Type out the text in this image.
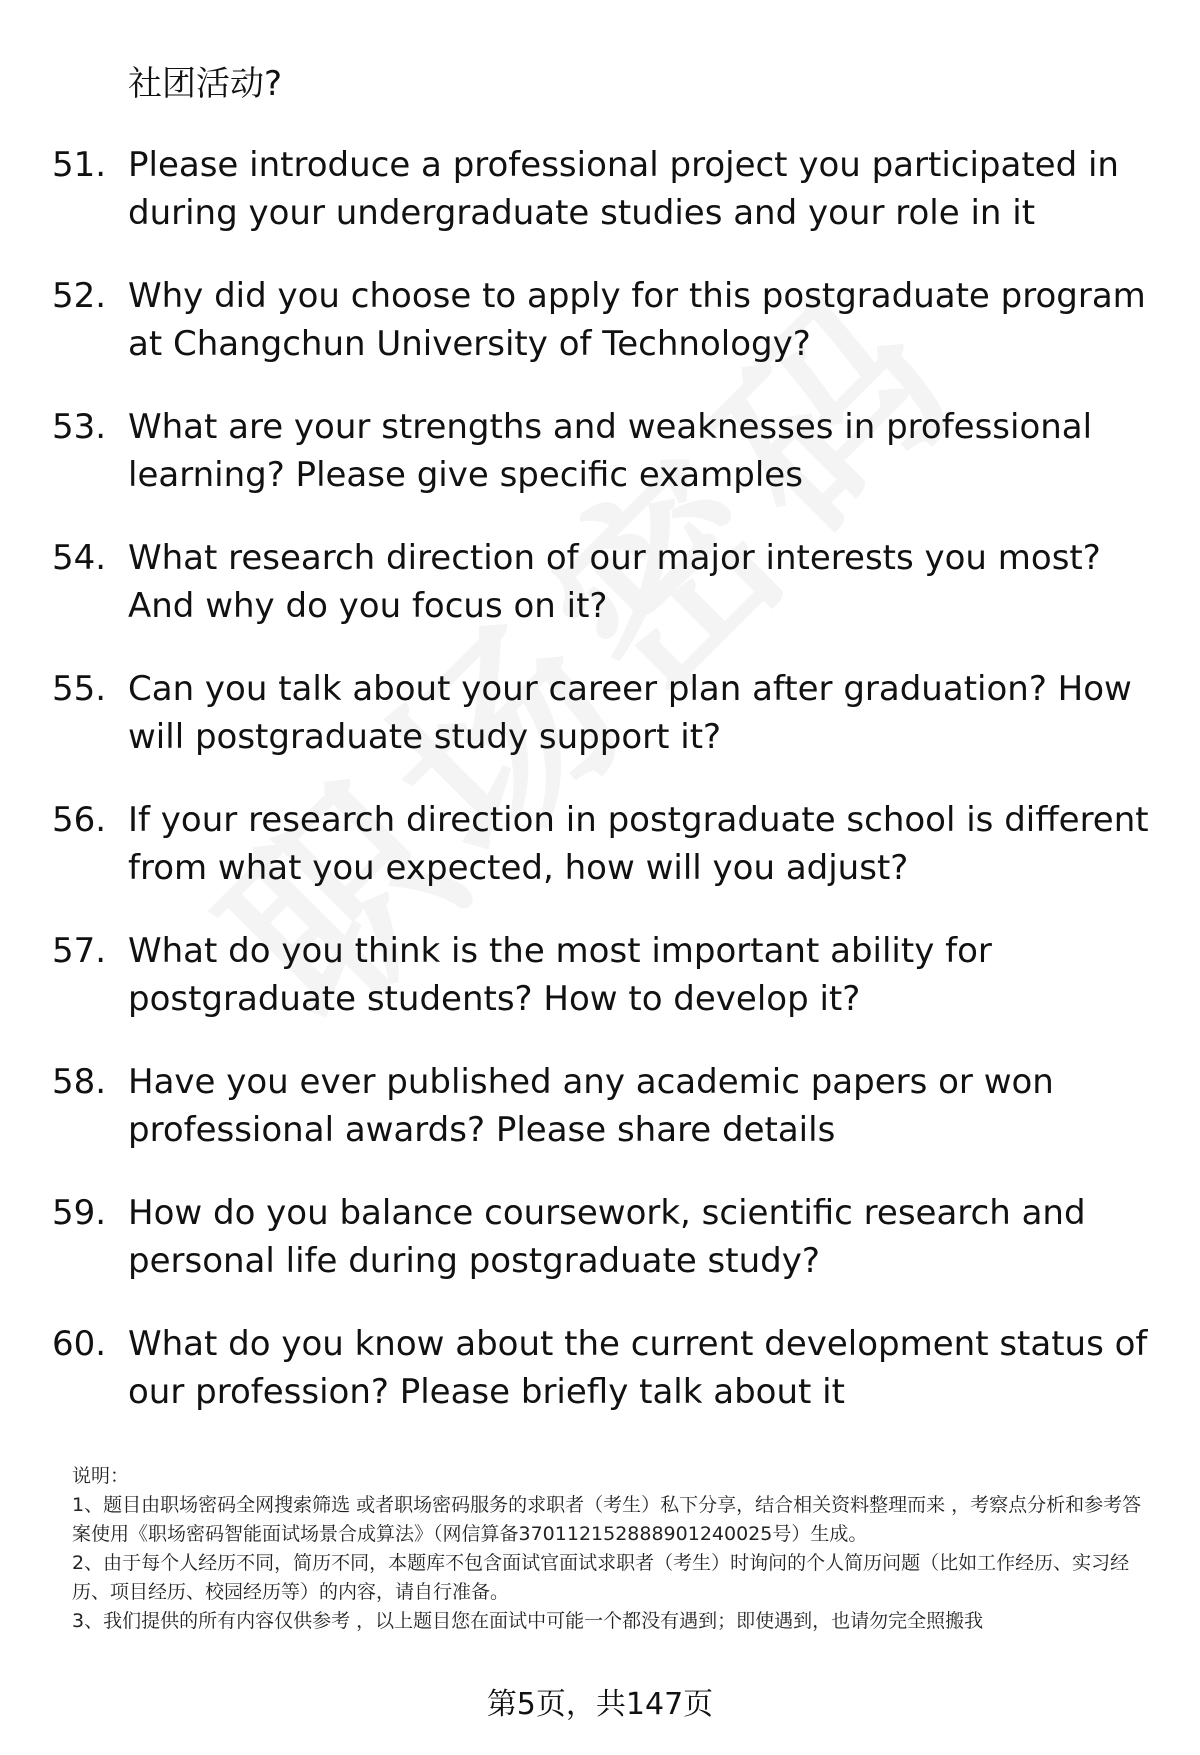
社团活动?
51. Please introduce a professional project you participated in during your undergraduate studies and your role in it
52. Why did you choose to apply for this postgraduate program at Changchun University of Technology?
53. What are your strengths and weaknesses in professional learning? Please give specific examples
54. What research direction of our major interests you most? And why do you focus on it?
55. Can you talk about your career plan after graduation? How will postgraduate study support it?
56. If your research direction in postgraduate school is different from what you expected, how will you adjust?
57. What do you think is the most important ability for postgraduate students? How to develop it?
58. Have you ever published any academic papers or won professional awards? Please share details
59. How do you balance coursework, scientific research and personal life during postgraduate study?
60. What do you know about the current development status of our profession? Please briefly talk about it

说明：

1、题目由职场密码全网搜索筛选 或者职场密码服务的求职者（考生）私下分享，结合相关资料整理而来 ，考察点分析和参考答案使用《职场密码智能面试场景合成算法》（网信算备370112152888901240025号）生成。

2、由于每个人经历不同，简历不同，本题库不包含面试官面试求职者（考生）时询问的个人简历问题（比如工作经历、实习经历、项目经历、校园经历等）的内容，请自行准备。

3、我们提供的所有内容仅供参考 ，以上题目您在面试中可能一个都没有遇到；即使遇到，也请勿完全照搬我

第5页，共147页
